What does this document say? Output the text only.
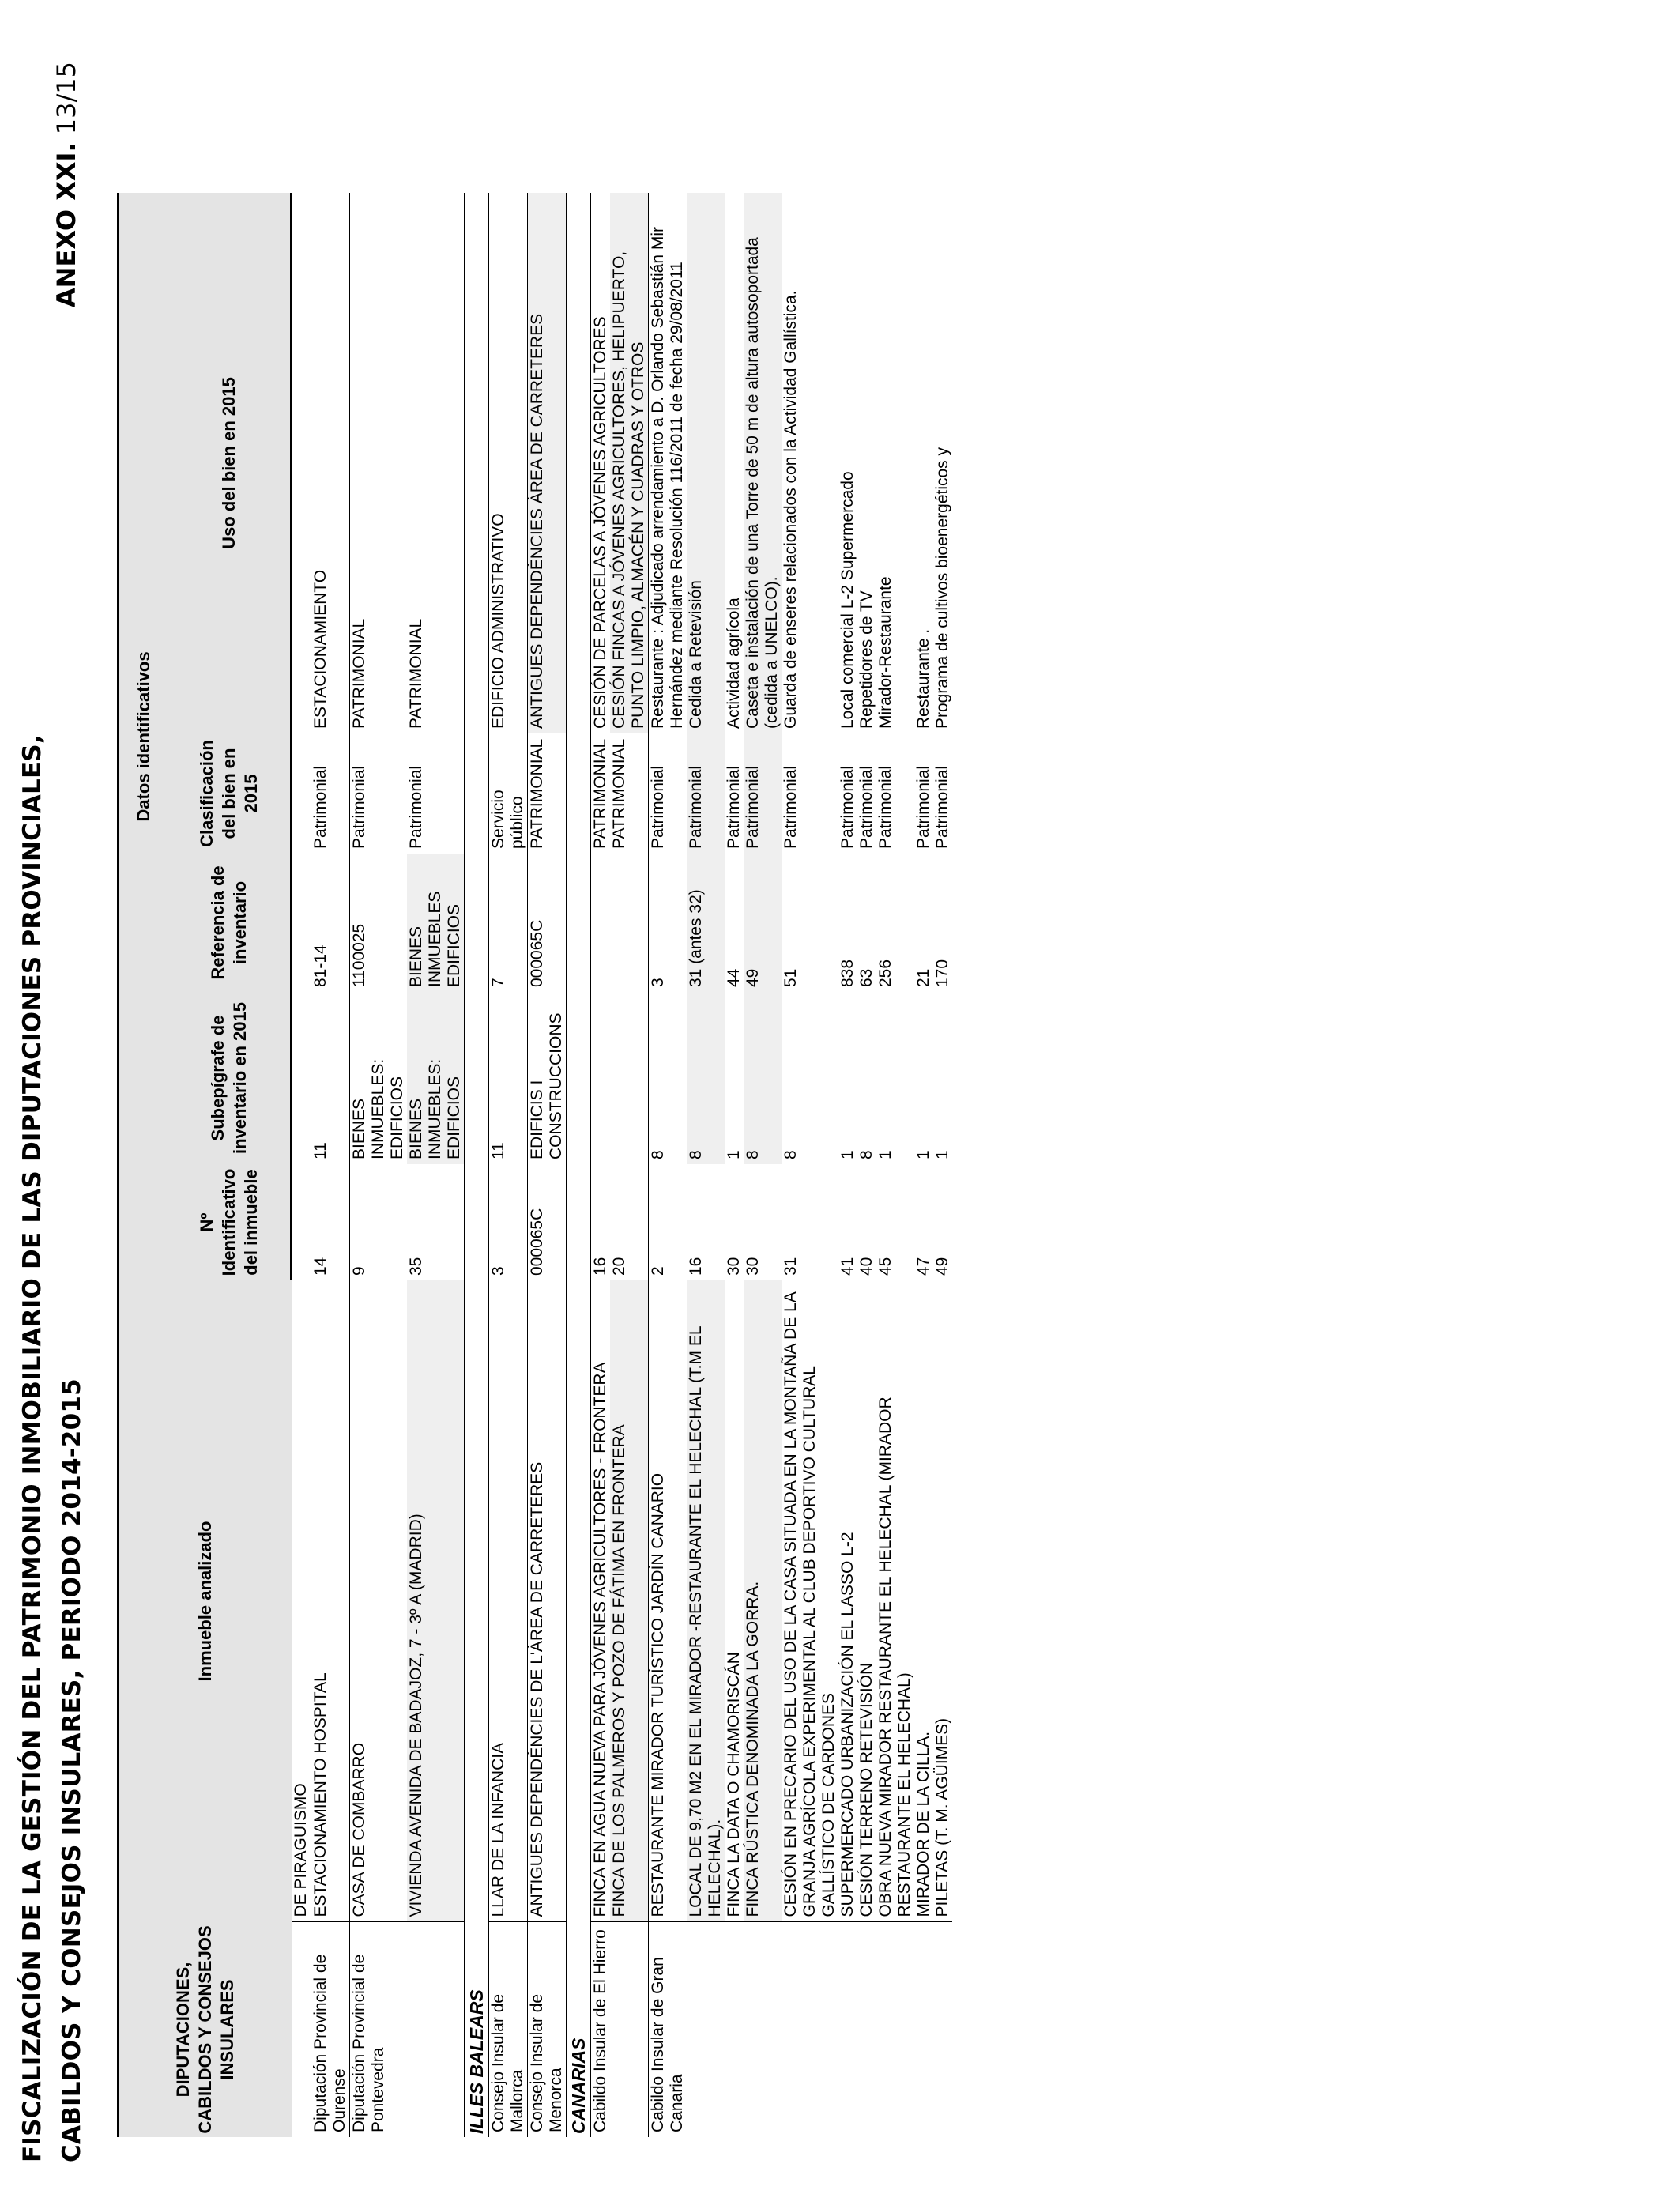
FISCALIZACIÓN DE LA GESTIÓN DEL PATRIMONIO INMOBILIARIO DE LAS DIPUTACIONES PROVINCIALES, CABILDOS Y CONSEJOS INSULARES, PERIODO 2014-2015
ANEXO XXI. 13/15
DIPUTACIONES, CABILDOS Y CONSEJOS INSULARES	Inmueble analizado	Datos identificativos				
		Nº Identificativo del inmueble	Subepígrafe de inventario en 2015	Referencia de inventario	Clasificación del bien en 2015	Uso del bien en 2015
	DE PIRAGUISMO					
Diputación Provincial de Ourense	ESTACIONAMIENTO HOSPITAL	14	11	81-14	Patrimonial	ESTACIONAMIENTO
Diputación Provincial de Pontevedra	CASA DE COMBARRO	9	BIENES INMUEBLES: EDIFICIOS	1100025	Patrimonial	PATRIMONIAL
	VIVIENDA AVENIDA DE BADAJOZ, 7 - 3º A (MADRID)	35	BIENES INMUEBLES: EDIFICIOS	BIENES INMUEBLES EDIFICIOS	Patrimonial	PATRIMONIAL
ILLES BALEARS						
Consejo Insular de Mallorca	LLAR DE LA INFANCIA	3	11	7	Servicio público	EDIFICIO ADMINISTRATIVO
Consejo Insular de Menorca	ANTIGUES DEPENDÈNCIES DE L'ÀREA DE CARRETERES	000065C	EDIFICIS I CONSTRUCCIONS	000065C	PATRIMONIAL	ANTIGUES DEPENDÈNCIES ÀREA DE CARRETERES
CANARIAS						
Cabildo Insular de El Hierro	FINCA EN AGUA NUEVA PARA JÓVENES AGRICULTORES - FRONTERA	16			PATRIMONIAL	CESIÓN DE PARCELAS A JÓVENES AGRICULTORES
	FINCA DE LOS PALMEROS Y POZO DE FÁTIMA EN FRONTERA	20			PATRIMONIAL	CESIÓN FINCAS A JÓVENES AGRICULTORES, HELIPUERTO, PUNTO LIMPIO, ALMACÉN Y CUADRAS Y OTROS
Cabildo Insular de Gran Canaria	RESTAURANTE MIRADOR TURÍSTICO JARDÍN CANARIO	2	8	3	Patrimonial	Restaurante : Adjudicado arrendamiento a D. Orlando Sebastián Mir Hernández mediante Resolución 116/2011 de fecha 29/08/2011
	LOCAL DE 9,70 M2 EN EL MIRADOR -RESTAURANTE EL HELECHAL (T.M EL HELECHAL).	16	8	31 (antes 32)	Patrimonial	Cedida a Retevisión
	FINCA LA DATA O CHAMORISCÁN	30	1	44	Patrimonial	Actividad agrícola
	FINCA RÚSTICA DENOMINADA LA GORRA.	30	8	49	Patrimonial	Caseta e instalación de una Torre de 50 m de altura autosoportada (cedida a UNELCO).
	CESIÓN EN PRECARIO DEL USO DE LA CASA SITUADA EN LA MONTAÑA DE LA GRANJA AGRÍCOLA EXPERIMENTAL AL CLUB DEPORTIVO CULTURAL GALLÍSTICO DE CARDONES	31	8	51	Patrimonial	Guarda de enseres relacionados con la Actividad Gallística.
	SUPERMERCADO URBANIZACIÓN EL LASSO L-2	41	1	838	Patrimonial	Local comercial L-2 Supermercado
	CESIÓN TERRENO RETEVISIÓN	40	8	63	Patrimonial	Repetidores de TV
	OBRA NUEVA MIRADOR RESTAURANTE EL HELECHAL (MIRADOR RESTAURANTE EL HELECHAL)	45	1	256	Patrimonial	Mirador-Restaurante
	MIRADOR DE LA CILLA.	47	1	21	Patrimonial	Restaurante .
	PILETAS (T. M. AGÜIMES)	49	1	170	Patrimonial	Programa de cultivos bioenergéticos y
